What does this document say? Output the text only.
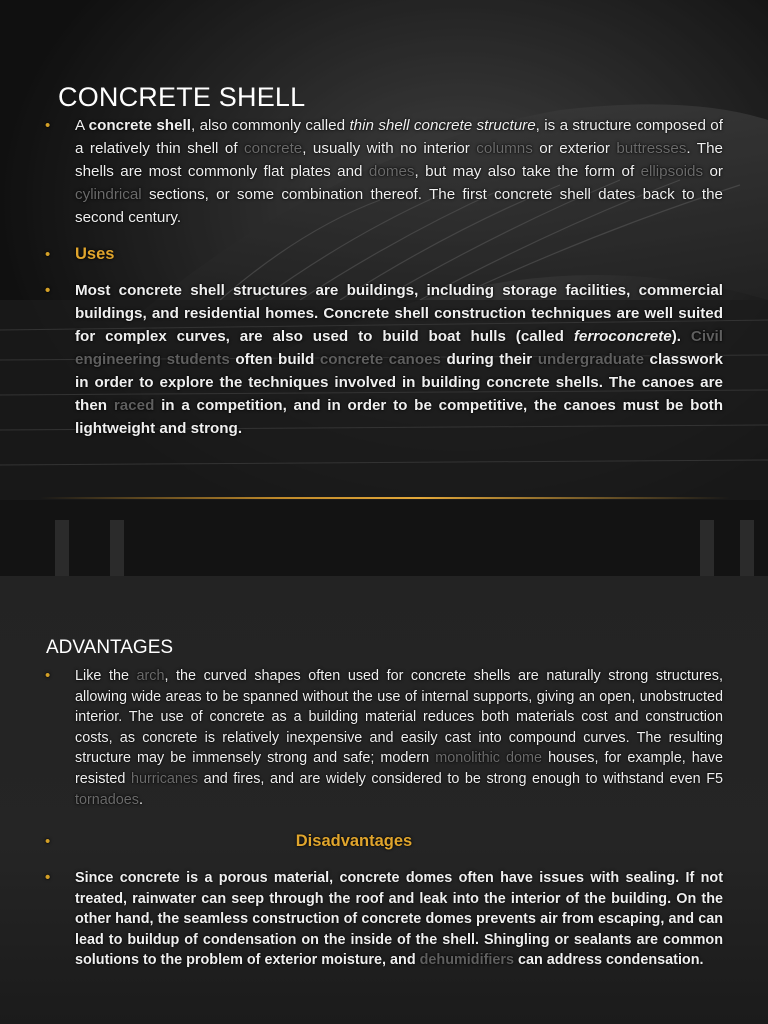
CONCRETE SHELL
• A concrete shell, also commonly called thin shell concrete structure, is a structure composed of a relatively thin shell of concrete, usually with no interior columns or exterior buttresses. The shells are most commonly flat plates and domes, but may also take the form of ellipsoids or cylindrical sections, or some combination thereof. The first concrete shell dates back to the second century.
• Uses
• Most concrete shell structures are buildings, including storage facilities, commercial buildings, and residential homes. Concrete shell construction techniques are well suited for complex curves, are also used to build boat hulls (called ferroconcrete). Civil engineering students often build concrete canoes during their undergraduate classwork in order to explore the techniques involved in building concrete shells. The canoes are then raced in a competition, and in order to be competitive, the canoes must be both lightweight and strong.
ADVANTAGES
• Like the arch, the curved shapes often used for concrete shells are naturally strong structures, allowing wide areas to be spanned without the use of internal supports, giving an open, unobstructed interior. The use of concrete as a building material reduces both materials cost and construction costs, as concrete is relatively inexpensive and easily cast into compound curves. The resulting structure may be immensely strong and safe; modern monolithic dome houses, for example, have resisted hurricanes and fires, and are widely considered to be strong enough to withstand even F5 tornadoes.
•	Disadvantages
• Since concrete is a porous material, concrete domes often have issues with sealing. If not treated, rainwater can seep through the roof and leak into the interior of the building. On the other hand, the seamless construction of concrete domes prevents air from escaping, and can lead to buildup of condensation on the inside of the shell. Shingling or sealants are common solutions to the problem of exterior moisture, and dehumidifiers can address condensation.
